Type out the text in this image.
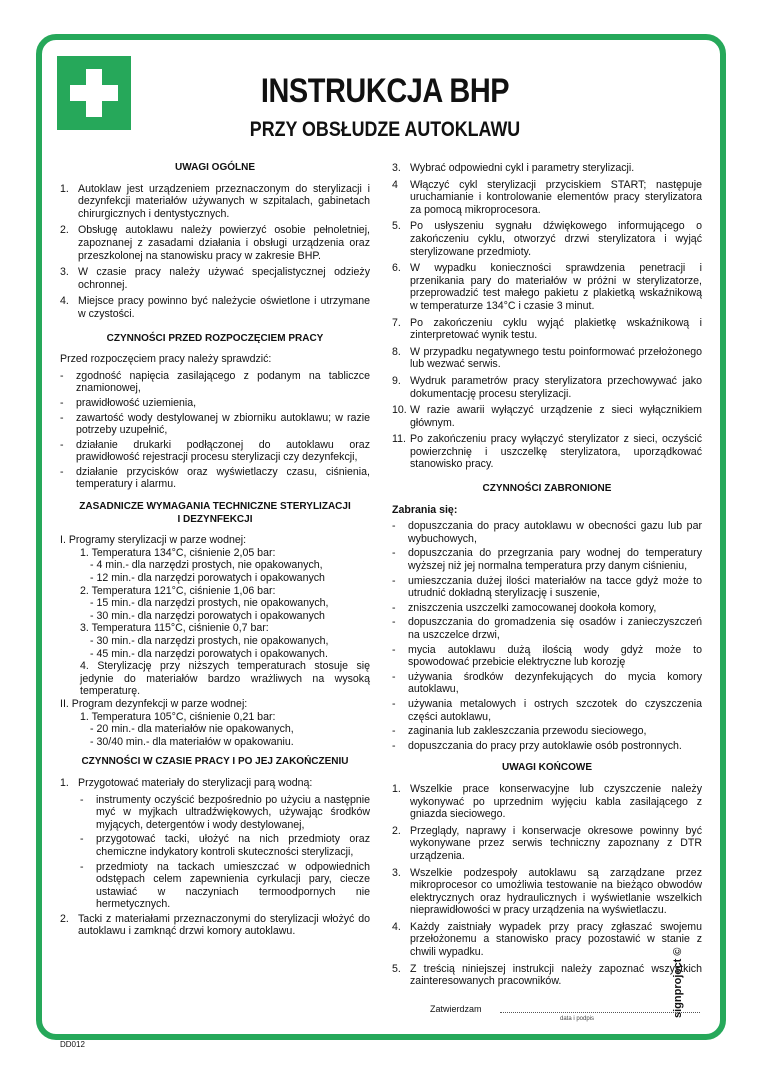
INSTRUKCJA BHP
PRZY OBSŁUDZE AUTOKLAWU
UWAGI OGÓLNE
1. Autoklaw jest urządzeniem przeznaczonym do sterylizacji i dezynfekcji materiałów używanych w szpitalach, gabinetach chirurgicznych i dentystycznych.
2. Obsługę autoklawu należy powierzyć osobie pełnoletniej, zapoznanej z zasadami działania i obsługi urządzenia oraz przeszkolonej na stanowisku pracy w zakresie BHP.
3. W czasie pracy należy używać specjalistycznej odzieży ochronnej.
4. Miejsce pracy powinno być należycie oświetlone i utrzymane w czystości.
CZYNNOŚCI PRZED ROZPOCZĘCIEM PRACY
Przed rozpoczęciem pracy należy sprawdzić:
-	zgodność napięcia zasilającego z podanym na tabliczce znamionowej,
-	prawidłowość uziemienia,
-	zawartość wody destylowanej w zbiorniku autoklawu; w razie potrzeby uzupełnić,
-	działanie drukarki podłączonej do autoklawu oraz prawidłowość rejestracji procesu sterylizacji czy dezynfekcji,
-	działanie przycisków oraz wyświetlaczy czasu, ciśnienia, temperatury i alarmu.
ZASADNICZE WYMAGANIA TECHNICZNE STERYLIZACJI
I DEZYNFEKCJI
I. Programy sterylizacji w parze wodnej:
1. Temperatura 134°C, ciśnienie 2,05 bar:
- 4 min.- dla narzędzi prostych, nie opakowanych,
- 12 min.- dla narzędzi porowatych i opakowanych
2. Temperatura 121°C, ciśnienie 1,06 bar:
- 15 min.- dla narzędzi prostych, nie opakowanych,
- 30 min.- dla narzędzi porowatych i opakowanych
3. Temperatura 115°C, ciśnienie 0,7 bar:
- 30 min.- dla narzędzi prostych, nie opakowanych,
- 45 min.- dla narzędzi porowatych i opakowanych.
4. Sterylizację przy niższych temperaturach stosuje się jedynie do materiałów bardzo wrażliwych na wysoką temperaturę.
II. Program dezynfekcji w parze wodnej:
1. Temperatura 105°C, ciśnienie 0,21 bar:
- 20 min.- dla materiałów nie opakowanych,
- 30/40 min.- dla materiałów w opakowaniu.
CZYNNOŚCI W CZASIE PRACY I PO JEJ ZAKOŃCZENIU
1. Przygotować materiały do sterylizacji parą wodną:
-	instrumenty oczyścić bezpośrednio po użyciu a następnie myć w myjkach ultradźwiękowych, używając środków myjących, detergentów i wody destylowanej,
-	przygotować tacki, ułożyć na nich przedmioty oraz chemiczne indykatory kontroli skuteczności sterylizacji,
-	przedmioty na tackach umieszczać w odpowiednich odstępach celem zapewnienia cyrkulacji pary, ciecze ustawiać w naczyniach termoodpornych nie hermetycznych.
2. Tacki z materiałami przeznaczonymi do sterylizacji włożyć do autoklawu i zamknąć drzwi komory autoklawu.
3. Wybrać odpowiedni cykl i parametry sterylizacji.
4	Włączyć cykl sterylizacji przyciskiem START; następuje uruchamianie i kontrolowanie elementów pracy sterylizatora za pomocą mikroprocesora.
5. Po usłyszeniu sygnału dźwiękowego informującego o zakończeniu cyklu, otworzyć drzwi sterylizatora i wyjąć sterylizowane przedmioty.
6. W wypadku konieczności sprawdzenia penetracji i przenikania pary do materiałów w próżni w sterylizatorze, przeprowadzić test małego pakietu z plakietką wskaźnikową w temperaturze 134°C i czasie 3 minut.
7. Po zakończeniu cyklu wyjąć plakietkę wskaźnikową i zinterpretować wynik testu.
8. W przypadku negatywnego testu poinformować przełożonego lub wezwać serwis.
9. Wydruk parametrów pracy sterylizatora przechowywać jako dokumentację procesu sterylizacji.
10. W razie awarii wyłączyć urządzenie z sieci wyłącznikiem głównym.
11. Po zakończeniu pracy wyłączyć sterylizator z sieci, oczyścić powierzchnię i uszczelkę sterylizatora, uporządkować stanowisko pracy.
CZYNNOŚCI ZABRONIONE
Zabrania się:
-	dopuszczania do pracy autoklawu w obecności gazu lub par wybuchowych,
-	dopuszczania do przegrzania pary wodnej do temperatury wyższej niż jej normalna temperatura przy danym ciśnieniu,
-	umieszczania dużej ilości materiałów na tacce gdyż może to utrudnić dokładną sterylizację i suszenie,
-	zniszczenia uszczelki zamocowanej dookoła komory,
-	dopuszczania do gromadzenia się osadów i zanieczyszczeń na uszczelce drzwi,
-	mycia autoklawu dużą ilością wody gdyż może to spowodować przebicie elektryczne lub korozję
-	używania środków dezynfekujących do mycia komory autoklawu,
-	używania metalowych i ostrych szczotek do czyszczenia części autoklawu,
-	zaginania lub zakleszczania przewodu sieciowego,
-	dopuszczania do pracy przy autoklawie osób postronnych.
UWAGI KOŃCOWE
1. Wszelkie prace konserwacyjne lub czyszczenie należy wykonywać po uprzednim wyjęciu kabla zasilającego z gniazda sieciowego.
2. Przeglądy, naprawy i konserwacje okresowe powinny być wykonywane przez serwis techniczny zapoznany z DTR urządzenia.
3. Wszelkie podzespoły autoklawu są zarządzane przez mikroprocesor co umożliwia testowanie na bieżąco obwodów elektrycznych oraz hydraulicznych i wyświetlanie wszelkich nieprawidłowości w pracy urządzenia na wyświetlaczu.
4. Każdy zaistniały wypadek przy pracy zgłaszać swojemu przełożonemu a stanowisko pracy pozostawić w stanie z chwili wypadku.
5. Z treścią niniejszej instrukcji należy zapoznać wszystkich zainteresowanych pracowników.
Zatwierdzam
data i podpis
DD012
signproject ©
